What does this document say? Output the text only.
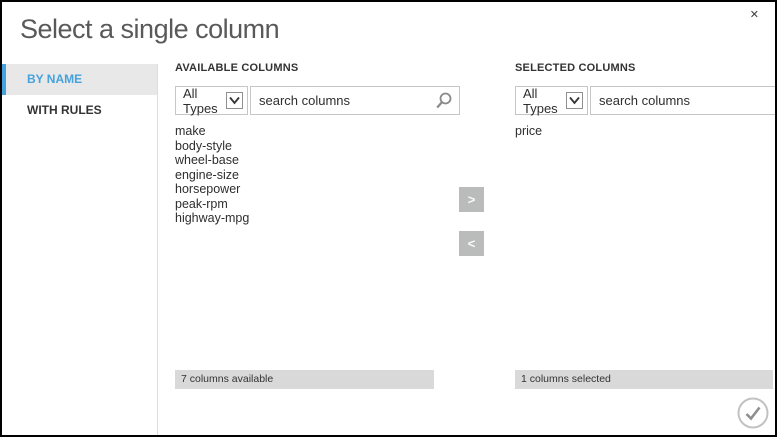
Select a single column	✕
BY NAME
WITH RULES
AVAILABLE COLUMNS
All Types
search columns
make
body-style
wheel-base
engine-size
horsepower
peak-rpm
highway-mpg
7 columns available
>
<
SELECTED COLUMNS
All Types
search columns
price
1 columns selected
